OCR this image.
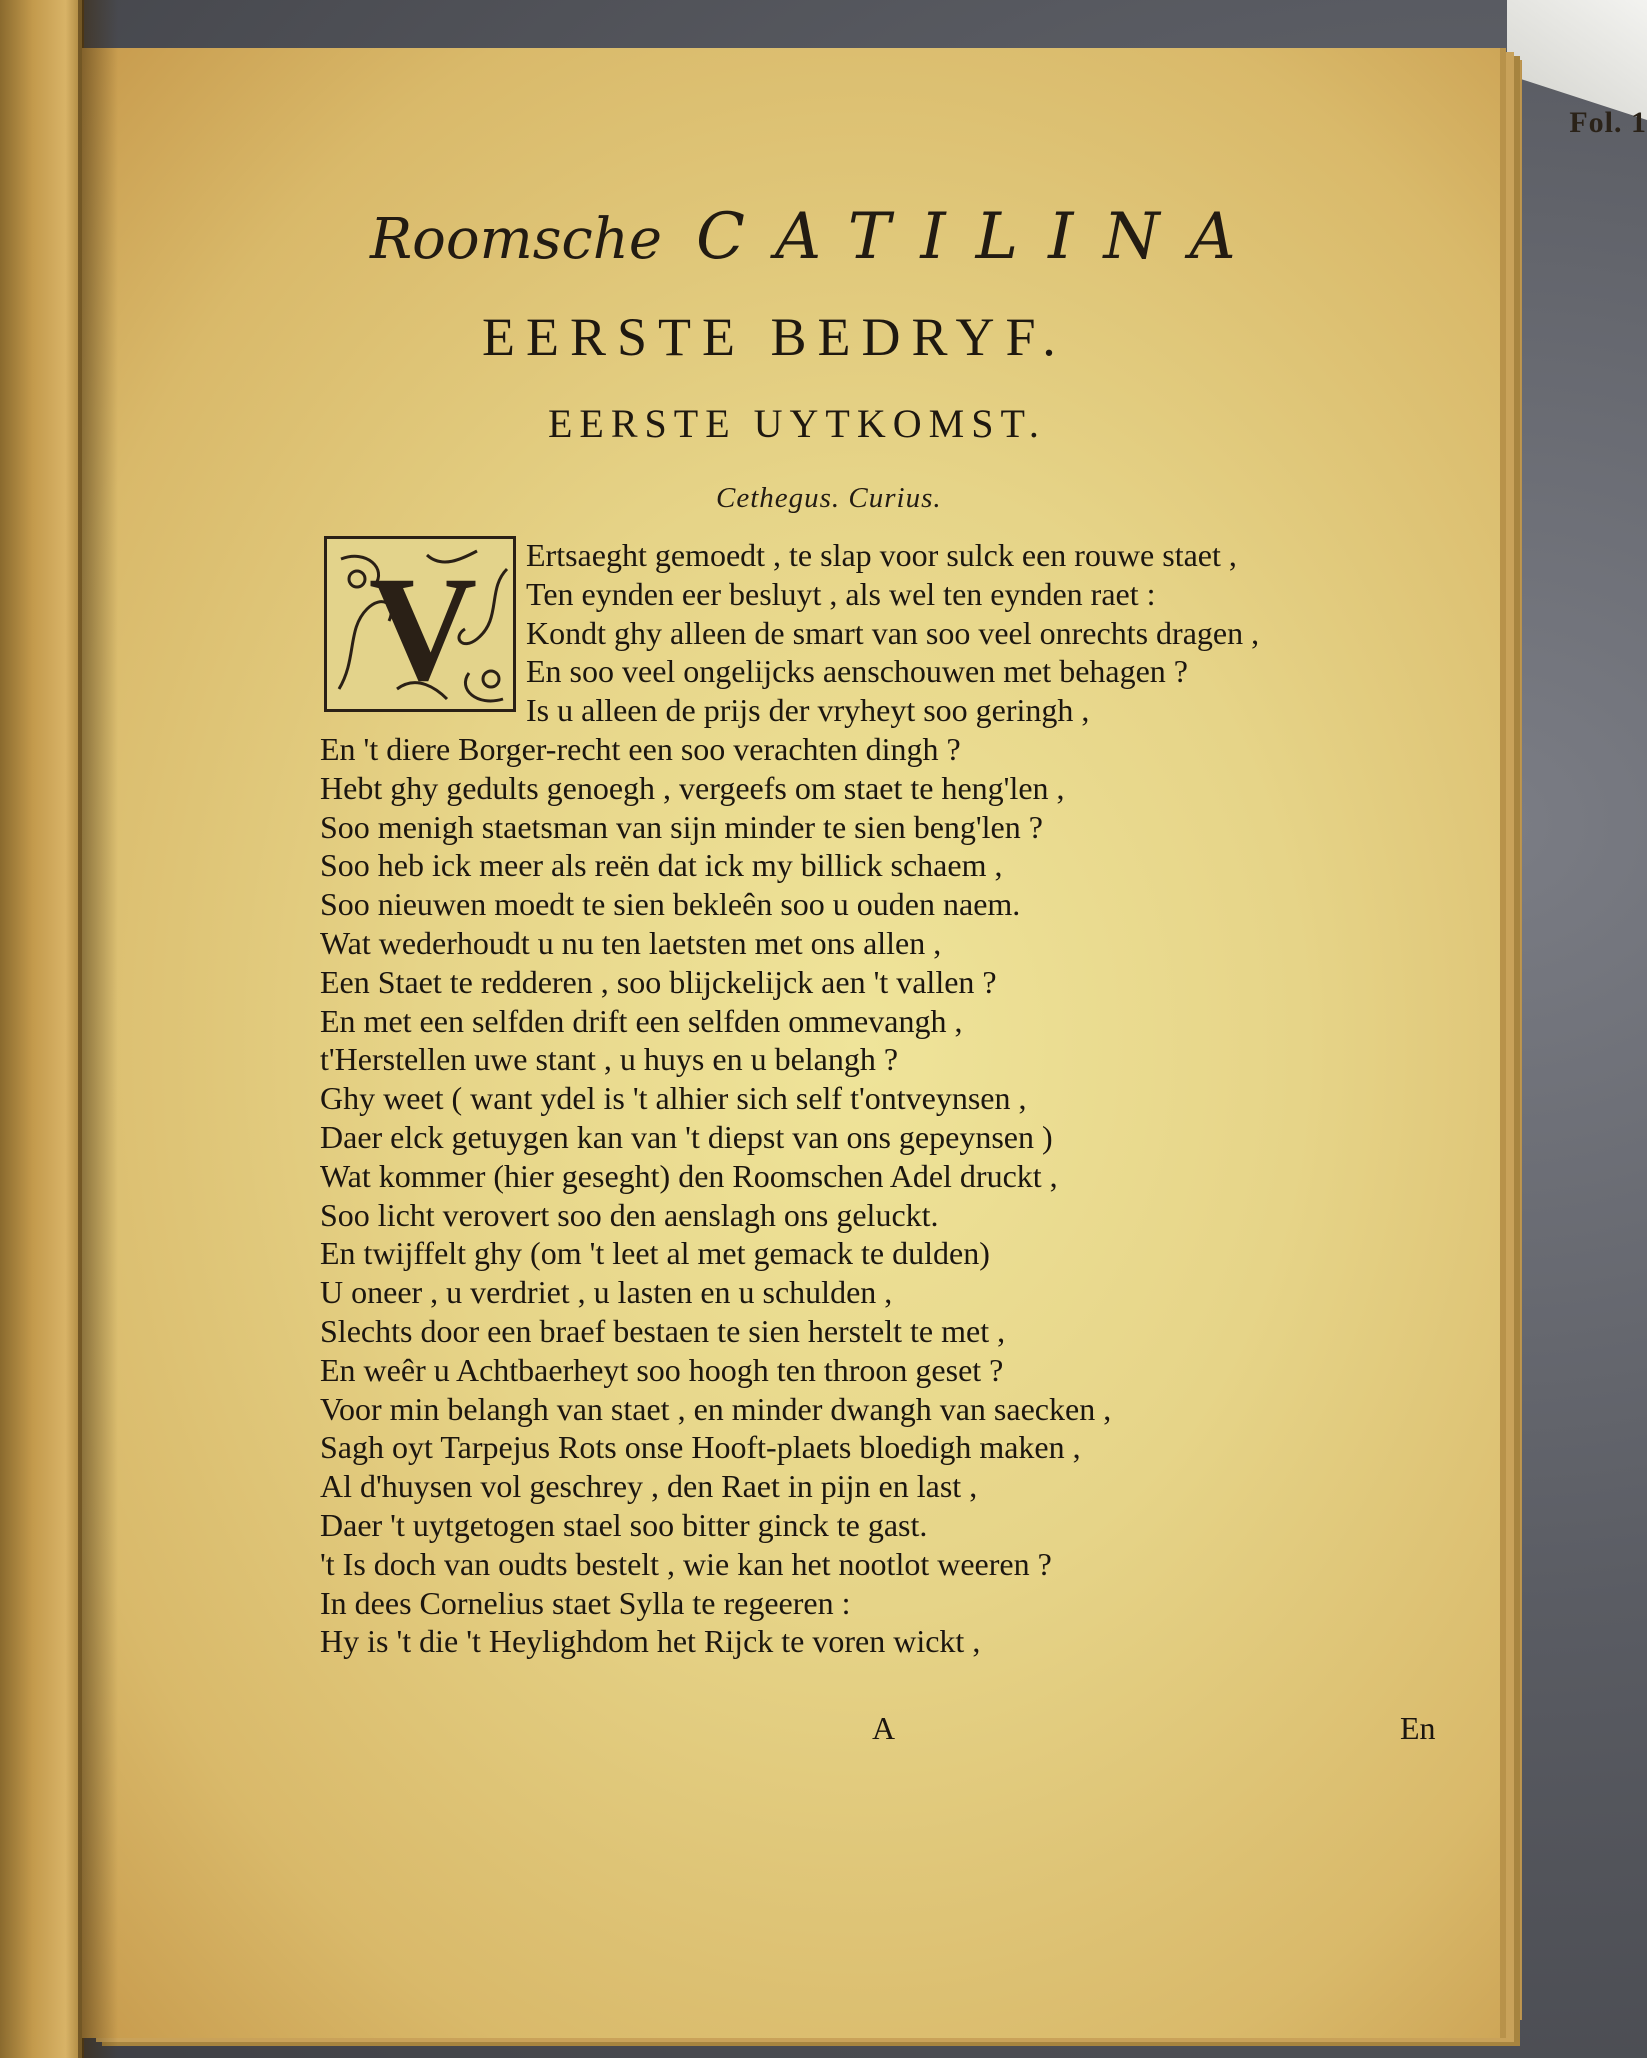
Fol. 1
Roomsche CATILINA
EERSTE BEDRYF.
EERSTE UYTKOMST.
Cethegus. Curius.
V	Ertsaeght gemoedt , te slap voor sulck een rouwe staet ,
Ten eynden eer besluyt , als wel ten eynden raet :
Kondt ghy alleen de smart van soo veel onrechts dragen ,
En soo veel ongelijcks aenschouwen met behagen ?
Is u alleen de prijs der vryheyt soo geringh ,
En 't diere Borger-recht een soo verachten dingh ?
Hebt ghy gedults genoegh , vergeefs om staet te heng'len ,
Soo menigh staetsman van sijn minder te sien beng'len ?
Soo heb ick meer als reën dat ick my billick schaem ,
Soo nieuwen moedt te sien bekleên soo u ouden naem.
Wat wederhoudt u nu ten laetsten met ons allen ,
Een Staet te redderen , soo blijckelijck aen 't vallen ?
En met een selfden drift een selfden ommevangh ,
t'Herstellen uwe stant , u huys en u belangh ?
Ghy weet ( want ydel is 't alhier sich self t'ontveynsen ,
Daer elck getuygen kan van 't diepst van ons gepeynsen )
Wat kommer (hier geseght) den Roomschen Adel druckt ,
Soo licht verovert soo den aenslagh ons geluckt.
En twijffelt ghy (om 't leet al met gemack te dulden)
U oneer , u verdriet , u lasten en u schulden ,
Slechts door een braef bestaen te sien herstelt te met ,
En weêr u Achtbaerheyt soo hoogh ten throon geset ?
Voor min belangh van staet , en minder dwangh van saecken ,
Sagh oyt Tarpejus Rots onse Hooft-plaets bloedigh maken ,
Al d'huysen vol geschrey , den Raet in pijn en last ,
Daer 't uytgetogen stael soo bitter ginck te gast.
't Is doch van oudts bestelt , wie kan het nootlot weeren ?
In dees Cornelius staet Sylla te regeeren :
Hy is 't die 't Heylighdom het Rijck te voren wickt ,
A	En
